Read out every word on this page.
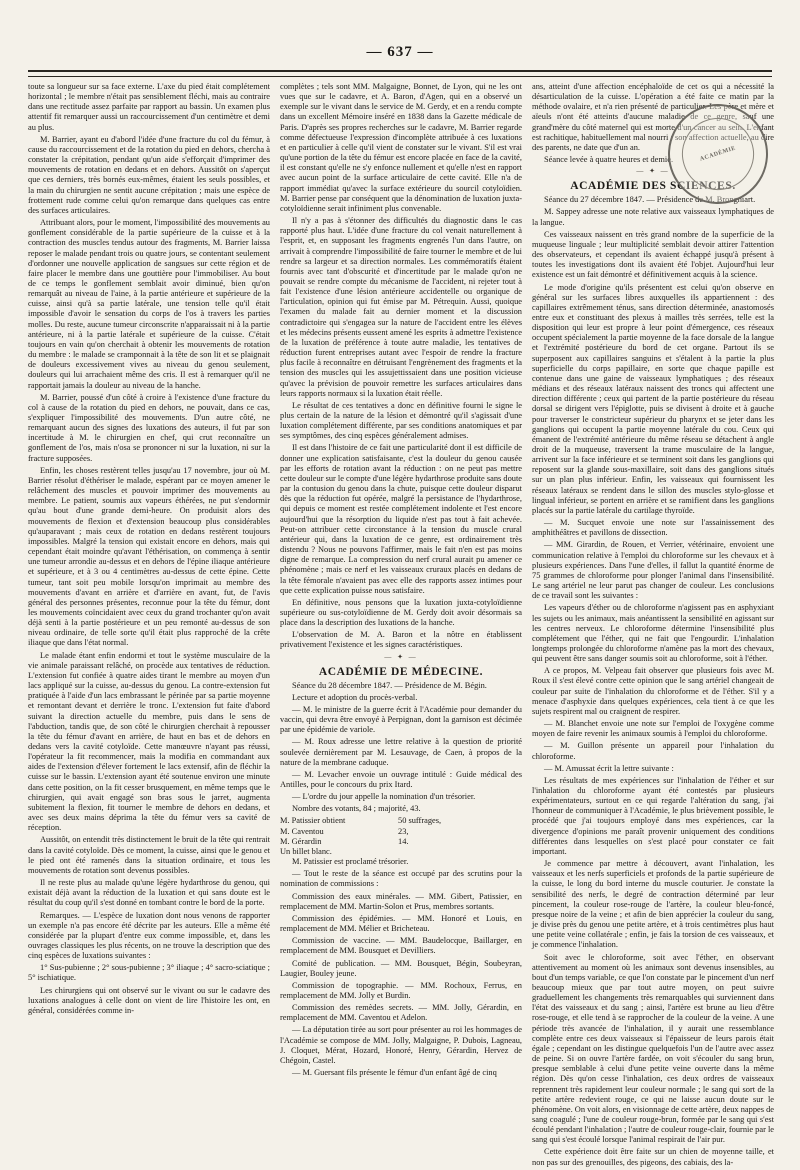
— 637 —

toute sa longueur sur sa face externe. L'axe du pied était complétement horizontal ; le membre n'était pas sensiblement fléchi, mais au contraire dans une rectitude assez parfaite par rapport au bassin. Un examen plus attentif fit remarquer aussi un raccourcissement d'un centimètre et demi au plus.

M. Barrier, ayant eu d'abord l'idée d'une fracture du col du fémur, à cause du raccourcissement et de la rotation du pied en dehors, chercha à constater la crépitation, pendant qu'un aide s'efforçait d'imprimer des mouvements de rotation en dedans et en dehors. Aussitôt on s'aperçut que ces derniers, très bornés eux-mêmes, étaient les seuls possibles, et la main du chirurgien ne sentit aucune crépitation ; mais une espèce de frottement rude comme celui qu'on remarque dans quelques cas entre des surfaces articulaires.

Attribuant alors, pour le moment, l'impossibilité des mouvements au gonflement considérable de la partie supérieure de la cuisse et à la contraction des muscles tendus autour des fragments, M. Barrier laissa reposer le malade pendant trois ou quatre jours, se contentant seulement d'ordonner une nouvelle application de sangsues sur cette région et de faire placer le membre dans une gouttière pour l'immobiliser. Au bout de ce temps le gonflement semblait avoir diminué, bien qu'on remarquât au niveau de l'aine, à la partie antérieure et supérieure de la cuisse, ainsi qu'à sa partie latérale, une tension telle qu'il était impossible d'avoir le sensation du corps de l'os à travers les parties molles. Du reste, aucune tumeur circonscrite n'apparaissait ni à la partie antérieure, ni à la partie latérale et supérieure de la cuisse. C'était toujours en vain qu'on cherchait à obtenir les mouvements de rotation du membre : le malade se cramponnait à la tête de son lit et se plaignait de douleurs excessivement vives au niveau du genou seulement, douleurs qui lui arrachaient même des cris. Il est à remarquer qu'il ne rapportait jamais la douleur au niveau de la hanche.

M. Barrier, poussé d'un côté à croire à l'existence d'une fracture du col à cause de la rotation du pied en dehors, ne pouvait, dans ce cas, s'expliquer l'impossibilité des mouvements. D'un autre côté, ne remarquant aucun des signes des luxations des auteurs, il fut par son incertitude à M. le chirurgien en chef, qui crut reconnaître un gonflement de l'os, mais n'osa se prononcer ni sur la luxation, ni sur la fracture supposées.

Enfin, les choses restèrent telles jusqu'au 17 novembre, jour où M. Barrier résolut d'éthériser le malade, espérant par ce moyen amener le relâchement des muscles et pouvoir imprimer des mouvements au membre. Le patient, soumis aux vapeurs éthérées, ne put s'endormir qu'au bout d'une grande demi-heure. On produisit alors des mouvements de flexion et d'extension beaucoup plus considérables qu'auparavant ; mais ceux de rotation en dedans restèrent toujours impossibles. Malgré la tension qui existait encore en dehors, mais qui cependant était moindre qu'avant l'éthérisation, on commença à sentir une tumeur arrondie au-dessus et en dehors de l'épine iliaque antérieure et supérieure, et à 3 ou 4 centimètres au-dessus de cette épine. Cette tumeur, tant soit peu mobile lorsqu'on imprimait au membre des mouvements d'avant en arrière et d'arrière en avant, fut, de l'avis général des personnes présentes, reconnue pour la tête du fémur, dont les mouvements coïncidaient avec ceux du grand trochanter qu'on avait déjà senti à la partie postérieure et un peu remonté au-dessus de son niveau ordinaire, de telle sorte qu'il était plus rapproché de la crête iliaque que dans l'état normal.

Le malade étant enfin endormi et tout le système musculaire de la vie animale paraissant relâché, on procède aux tentatives de réduction. L'extension fut confiée à quatre aides tirant le membre au moyen d'un lacs appliqué sur la cuisse, au-dessus du genou. La contre-extension fut pratiquée à l'aide d'un lacs embrassant le périnée par sa partie moyenne et remontant devant et derrière le tronc. L'extension fut faite d'abord suivant la direction actuelle du membre, puis dans le sens de l'abduction, tandis que, de son côté le chirurgien cherchait à repousser la tête du fémur d'avant en arrière, de haut en bas et de dehors en dedans vers la cavité cotyloïde. Cette manœuvre n'ayant pas réussi, l'opérateur la fit recommencer, mais la modifia en commandant aux aides de l'extension d'élever fortement le lacs extensif, afin de fléchir la cuisse sur le bassin. L'extension ayant été soutenue environ une minute dans cette position, on la fit cesser brusquement, en même temps que le chirurgien, qui avait engagé son bras sous le jarret, augmenta subitement la flexion, fit tourner le membre de dehors en dedans, et avec ses deux mains déprima la tête du fémur vers sa cavité de réception.

Aussitôt, on entendit très distinctement le bruit de la tête qui rentrait dans la cavité cotyloïde. Dès ce moment, la cuisse, ainsi que le genou et le pied ont été ramenés dans la situation ordinaire, et tous les mouvements de rotation sont devenus possibles.

Il ne reste plus au malade qu'une légère hydarthrose du genou, qui existait déjà avant la réduction de la luxation et qui sans doute est le résultat du coup qu'il s'est donné en tombant contre le bord de la porte.

Remarques. — L'espèce de luxation dont nous venons de rapporter un exemple n'a pas encore été décrite par les auteurs. Elle a même été considérée par la plupart d'entre eux comme impossible, et, dans les ouvrages classiques les plus récents, on ne trouve la description que des cinq espèces de luxations suivantes :

1° Sus-pubienne ; 2° sous-pubienne ; 3° iliaque ; 4° sacro-sciatique ; 5° ischiatique.

Les chirurgiens qui ont observé sur le vivant ou sur le cadavre des luxations analogues à celle dont on vient de lire l'histoire les ont, en général, considérées comme in-

complètes ; tels sont MM. Malgaigne, Bonnet, de Lyon, qui ne les ont vues que sur le cadavre, et A. Baron, d'Agen, qui en a observé un exemple sur le vivant dans le service de M. Gerdy, et en a rendu compte dans un excellent Mémoire inséré en 1838 dans la Gazette médicale de Paris. D'après ses propres recherches sur le cadavre, M. Barrier regarde comme défectueuse l'expression d'incomplète attribuée à ces luxations et en particulier à celle qu'il vient de constater sur le vivant. S'il est vrai qu'une portion de la tête du fémur est encore placée en face de la cavité, il est constant qu'elle ne s'y enfonce nullement et qu'elle n'est en rapport avec aucun point de la surface articulaire de cette cavité. Elle n'a de rapport immédiat qu'avec la surface extérieure du sourcil cotyloïdien. M. Barrier pense par conséquent que la dénomination de luxation juxta-cotyloïdienne serait infiniment plus convenable.

Il n'y a pas à s'étonner des difficultés du diagnostic dans le cas rapporté plus haut. L'idée d'une fracture du col venait naturellement à l'esprit, et, en supposant les fragments engrenés l'un dans l'autre, on arrivait à comprendre l'impossibilité de faire tourner le membre et de lui rendre sa largeur et sa direction normales. Les commémoratifs étaient fournis avec tant d'obscurité et d'incertitude par le malade qu'on ne pouvait se rendre compte du mécanisme de l'accident, ni rejeter tout à fait l'existence d'une lésion antérieure accidentelle ou organique de l'articulation, opinion qui fut émise par M. Pétrequin. Aussi, quoique l'examen du malade fait au dernier moment et la discussion contradictoire qui s'engagea sur la nature de l'accident entre les élèves et les médecins présents eussent amené les esprits à admettre l'existence de la luxation de préférence à toute autre maladie, les tentatives de réduction furent entreprises autant avec l'espoir de rendre la fracture plus facile à reconnaître en détruisant l'engrènement des fragments et la tension des muscles qui les assujettissaient dans une position vicieuse qu'avec la prévision de pouvoir remettre les surfaces articulaires dans leurs rapports normaux si la luxation était réelle.

Le résultat de ces tentatives a donc en définitive fourni le signe le plus certain de la nature de la lésion et démontré qu'il s'agissait d'une luxation complétement différente, par ses conditions anatomiques et par ses symptômes, des cinq espèces généralement admises.

Il est dans l'histoire de ce fait une particularité dont il est difficile de donner une explication satisfaisante, c'est la douleur du genou causée par les efforts de rotation avant la réduction : on ne peut pas mettre cette douleur sur le compte d'une légère hydarthrose produite sans doute par la contusion du genou dans la chute, puisque cette douleur disparut dès que la réduction fut opérée, malgré la persistance de l'hydarthrose, qui depuis ce moment est restée complétement indolente et l'est encore aujourd'hui que la résorption du liquide n'est pas tout à fait achevée. Peut-on attribuer cette circonstance à la tension du muscle crural antérieur qui, dans la luxation de ce genre, est ordinairement très distendu ? Nous ne pouvons l'affirmer, mais le fait n'en est pas moins digne de remarque. La compression du nerf crural aurait pu amener ce phénomène ; mais ce nerf et les vaisseaux cruraux placés en dedans de la tête fémorale n'avaient pas avec elle des rapports assez intimes pour que cette explication puisse nous satisfaire.

En définitive, nous pensons que la luxation juxta-cotyloïdienne supérieure ou sus-cotyloïdienne de M. Gerdy doit avoir désormais sa place dans la description des luxations de la hanche.

L'observation de M. A. Baron et la nôtre en établissent privativement l'existence et les signes caractéristiques.

— ✦ —
ACADÉMIE DE MÉDECINE.

Séance du 28 décembre 1847. — Présidence de M. Bégin.

Lecture et adoption du procès-verbal.

— M. le ministre de la guerre écrit à l'Académie pour demander du vaccin, qui devra être envoyé à Perpignan, dont la garnison est décimée par une épidémie de variole.

— M. Roux adresse une lettre relative à la question de priorité soulevée dernièrement par M. Lesauvage, de Caen, à propos de la nature de la membrane caduque.

— M. Levacher envoie un ouvrage intitulé : Guide médical des Antilles, pour le concours du prix Itard.

— L'ordre du jour appelle la nomination d'un trésorier.

Nombre des votants, 84 ; majorité, 43.

M. Patissier obtient	50 suffrages,
M. Caventou	23,
M. Gérardin	14.
Un billet blanc.

M. Patissier est proclamé trésorier.

— Tout le reste de la séance est occupé par des scrutins pour la nomination de commissions :

Commission des eaux minérales. — MM. Gibert, Patissier, en remplacement de MM. Martin-Solon et Prus, membres sortants.

Commission des épidémies. — MM. Honoré et Louis, en remplacement de MM. Mélier et Bricheteau.

Commission de vaccine. — MM. Baudelocque, Baillarger, en remplacement de MM. Bousquet et Devilliers.

Comité de publication. — MM. Bousquet, Bégin, Soubeyran, Laugier, Bouley jeune.

Commission de topographie. — MM. Rochoux, Ferrus, en remplacement de MM. Jolly et Burdin.

Commission des remèdes secrets. — MM. Jolly, Gérardin, en remplacement de MM. Caventou et Adelon.

— La députation tirée au sort pour présenter au roi les hommages de l'Académie se compose de MM. Jolly, Malgaigne, P. Dubois, Lagneau, J. Cloquet, Mérat, Hozard, Honoré, Henry, Gérardin, Hervez de Chégoin, Castel.

— M. Guersant fils présente le fémur d'un enfant âgé de cinq

ACADÉMIE

ans, atteint d'une affection encéphaloïde de cet os qui a nécessité la désarticulation de la cuisse. L'opération a été faite ce matin par la méthode ovalaire, et n'a rien présenté de particulier. Les père et mère et aïeuls n'ont été atteints d'aucune maladie de ce genre, sauf une grand'mère du côté maternel qui est morte d'un cancer au sein. L'enfant est rachitique, habituellement mal nourri : son affection actuelle, au dire des parents, ne date que d'un an.

Séance levée à quatre heures et demie.

— ✦ —
ACADÉMIE DES SCIENCES.

Séance du 27 décembre 1847. — Présidence de M. Brongniart.

M. Sappey adresse une note relative aux vaisseaux lymphatiques de la langue.

Ces vaisseaux naissent en très grand nombre de la superficie de la muqueuse linguale ; leur multiplicité semblait devoir attirer l'attention des observateurs, et cependant ils avaient échappé jusqu'à présent à toutes les investigations dont ils avaient été l'objet. Aujourd'hui leur existence est un fait démontré et définitivement acquis à la science.

Le mode d'origine qu'ils présentent est celui qu'on observe en général sur les surfaces libres auxquelles ils appartiennent : des capillaires extrêmement ténus, sans direction déterminée, anastomosés entre eux et constituant des plexus à mailles très serrées, telle est la disposition qui leur est propre à leur point d'émergence, ces réseaux occupent spécialement la partie moyenne de la face dorsale de la langue et l'extrémité postérieure du bord de cet organe. Partout ils se superposent aux capillaires sanguins et s'étalent à la partie la plus superficielle du corps papillaire, en sorte que chaque papille est contenue dans une gaine de vaisseaux lymphatiques ; des réseaux médians et des réseaux latéraux naissent des troncs qui affectent une direction différente ; ceux qui partent de la partie postérieure du réseau dorsal se dirigent vers l'épiglotte, puis se divisent à droite et à gauche pour traverser le constricteur supérieur du pharynx et se jeter dans les ganglions qui occupent la partie moyenne latérale du cou. Ceux qui émanent de l'extrémité antérieure du même réseau se détachent à angle droit de la muqueuse, traversent la trame musculaire de la langue, arrivent sur la face inférieure et se terminent soit dans les ganglions qui reposent sur la glande sous-maxillaire, soit dans des ganglions situés sur un plan plus inférieur. Enfin, les vaisseaux qui fournissent les réseaux latéraux se rendent dans le sillon des muscles stylo-glosse et lingual inférieur, se portent en arrière et se ramifient dans les ganglions placés sur la partie latérale du cartilage thyroïde.

— M. Sucquet envoie une note sur l'assainissement des amphithéâtres et pavillons de dissection.

— MM. Girardin, de Rouen, et Verrier, vétérinaire, envoient une communication relative à l'emploi du chloroforme sur les chevaux et à plusieurs expériences. Dans l'une d'elles, il fallut la quantité énorme de 75 grammes de chloroforme pour plonger l'animal dans l'insensibilité. Le sang artériel ne leur parut pas changer de couleur. Les conclusions de ce travail sont les suivantes :

Les vapeurs d'éther ou de chloroforme n'agissent pas en asphyxiant les sujets ou les animaux, mais anéantissent la sensibilité en agissant sur les centres nerveux. Le chloroforme détermine l'insensibilité plus complétement que l'éther, qui ne fait que l'engourdir. L'inhalation longtemps prolongée du chloroforme n'amène pas la mort des chevaux, qui peuvent être sans danger soumis soit au chloroforme, soit à l'éther.

A ce propos, M. Velpeau fait observer que plusieurs fois avec M. Roux il s'est élevé contre cette opinion que le sang artériel changeait de couleur par suite de l'inhalation du chloroforme et de l'éther. S'il y a menace d'asphyxie dans quelques expériences, cela tient à ce que les sujets respirent mal ou craignent de respirer.

— M. Blanchet envoie une note sur l'emploi de l'oxygène comme moyen de faire revenir les animaux soumis à l'emploi du chloroforme.

— M. Guillon présente un appareil pour l'inhalation du chloroforme.

— M. Amussat écrit la lettre suivante :

Les résultats de mes expériences sur l'inhalation de l'éther et sur l'inhalation du chloroforme ayant été contestés par plusieurs expérimentateurs, surtout en ce qui regarde l'altération du sang, j'ai l'honneur de communiquer à l'Académie, le plus brièvement possible, le procédé que j'ai toujours employé dans mes expériences, car la divergence d'opinions me paraît provenir uniquement des conditions différentes dans lesquelles on s'est placé pour constater ce fait important.

Je commence par mettre à découvert, avant l'inhalation, les vaisseaux et les nerfs superficiels et profonds de la partie supérieure de la cuisse, le long du bord interne du muscle couturier. Je constate la sensibilité des nerfs, le degré de contraction déterminé par leur pincement, la couleur rose-rouge de l'artère, la couleur bleu-foncé, presque noire de la veine ; et afin de bien apprécier la couleur du sang, je divise près du genou une petite artère, et à trois centimètres plus haut une petite veine collatérale ; enfin, je fais la torsion de ces vaisseaux, et je commence l'inhalation.

Soit avec le chloroforme, soit avec l'éther, en observant attentivement au moment où les animaux sont devenus insensibles, au bout d'un temps variable, ce que l'on constate par le pincement d'un nerf beaucoup mieux que par tout autre moyen, on peut suivre graduellement les changements très remarquables qui surviennent dans l'état des vaisseaux et du sang ; ainsi, l'artère est brune au lieu d'être rose-rouge, et elle tend à se rapprocher de la couleur de la veine. A une période très avancée de l'inhalation, il y aurait une ressemblance complète entre ces deux vaisseaux si l'épaisseur de leurs parois était égale ; cependant on les distingue quelquefois l'un de l'autre avec assez de peine. Si on ouvre l'artère fardée, on voit s'écouler du sang brun, presque semblable à celui d'une petite veine ouverte dans la même région. Dès qu'on cesse l'inhalation, ces deux ordres de vaisseaux reprennent très rapidement leur couleur normale ; le sang qui sort de la petite artère redevient rouge, ce qui ne laisse aucun doute sur le phénomène. On voit alors, en visionnage de cette artère, deux nappes de sang coagulé ; l'une de couleur rouge-brun, formée par le sang qui s'est écoulé pendant l'inhalation ; l'autre de couleur rouge-clair, fournie par le sang qui s'est écoulé lorsque l'animal respirait de l'air pur.

Cette expérience doit être faite sur un chien de moyenne taille, et non pas sur des grenouilles, des pigeons, des cabiais, des la-
